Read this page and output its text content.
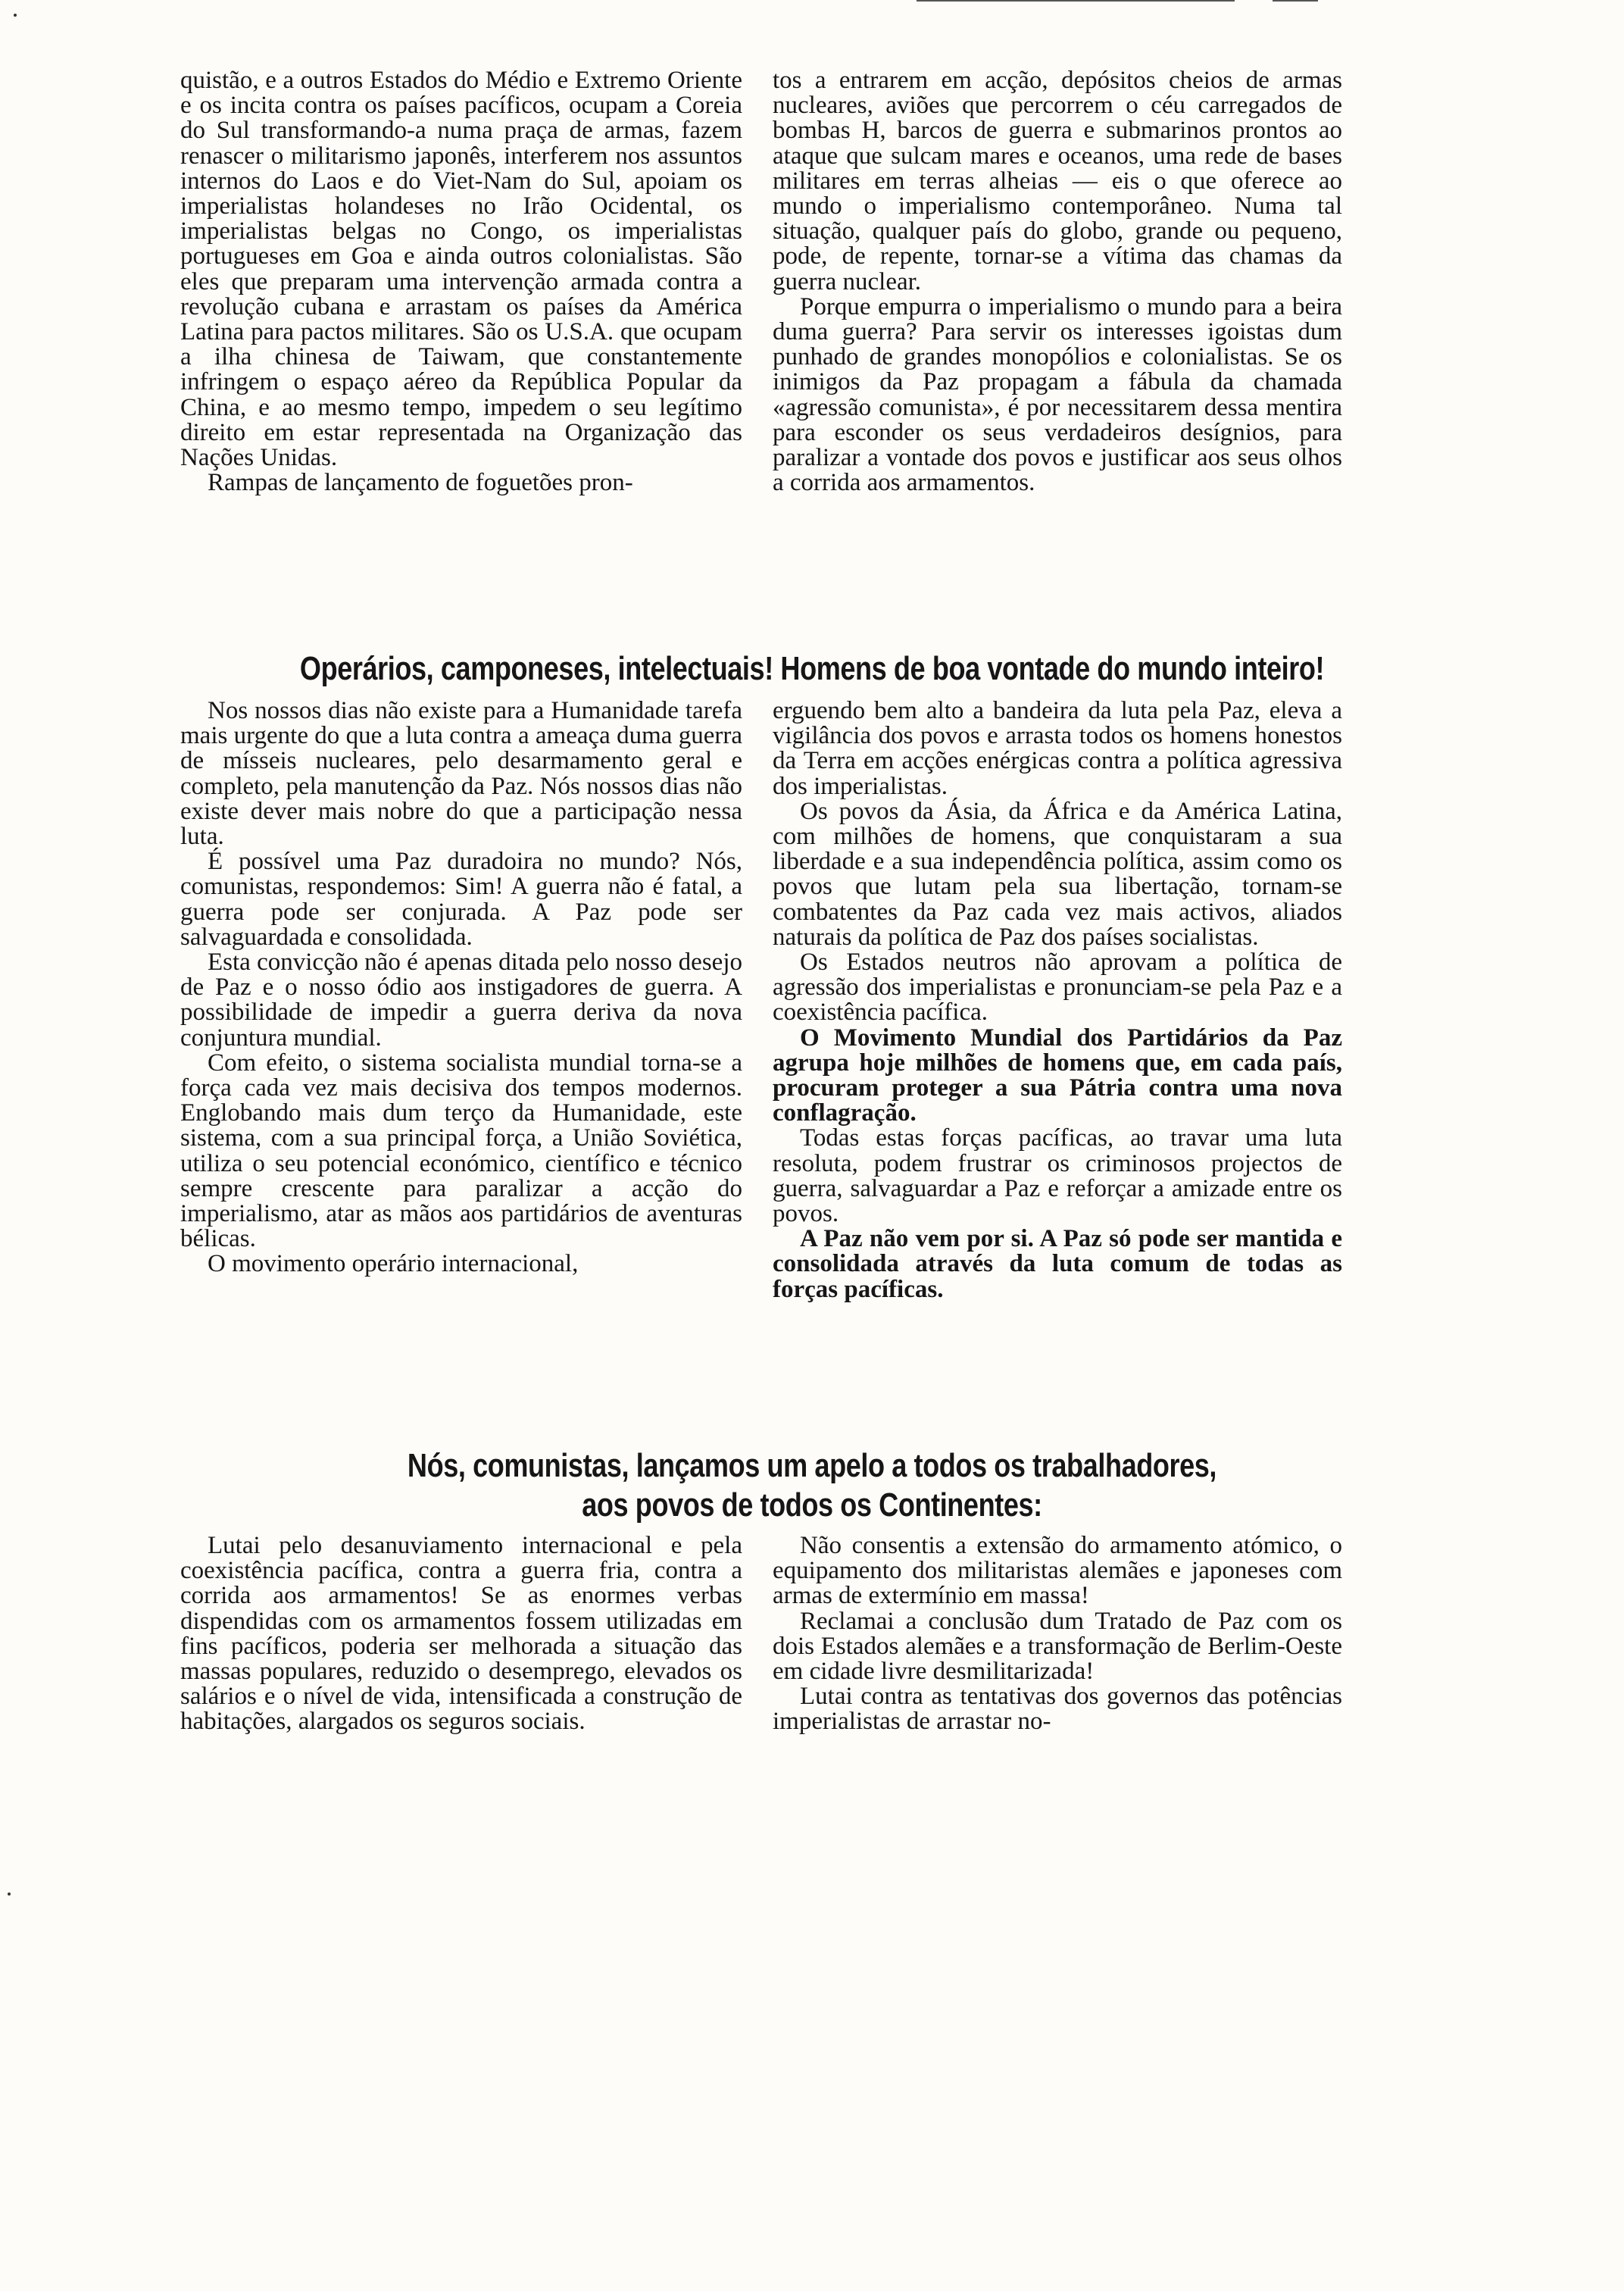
quistão, e a outros Estados do Médio e Extremo Oriente e os incita contra os países pacíficos, ocupam a Coreia do Sul transformando-a numa praça de armas, fazem renascer o militarismo japonês, interferem nos assuntos internos do Laos e do Viet-Nam do Sul, apoiam os imperialistas holandeses no Irão Ocidental, os imperialistas belgas no Congo, os imperialistas portugueses em Goa e ainda outros colonialistas. São eles que preparam uma intervenção armada contra a revolução cubana e arrastam os países da América Latina para pactos militares. São os U.S.A. que ocupam a ilha chinesa de Taiwam, que constantemente infringem o espaço aéreo da República Popular da China, e ao mesmo tempo, impedem o seu legítimo direito em estar representada na Organização das Nações Unidas.

Rampas de lançamento de foguetões pron-

tos a entrarem em acção, depósitos cheios de armas nucleares, aviões que percorrem o céu carregados de bombas H, barcos de guerra e submarinos prontos ao ataque que sulcam mares e oceanos, uma rede de bases militares em terras alheias — eis o que oferece ao mundo o imperialismo contemporâneo. Numa tal situação, qualquer país do globo, grande ou pequeno, pode, de repente, tornar-se a vítima das chamas da guerra nuclear.

Porque empurra o imperialismo o mundo para a beira duma guerra? Para servir os interesses igoistas dum punhado de grandes monopólios e colonialistas. Se os inimigos da Paz propagam a fábula da chamada «agressão comunista», é por necessitarem dessa mentira para esconder os seus verdadeiros desígnios, para paralizar a vontade dos povos e justificar aos seus olhos a corrida aos armamentos.

Operários, camponeses, intelectuais! Homens de boa vontade do mundo inteiro!

Nos nossos dias não existe para a Humanidade tarefa mais urgente do que a luta contra a ameaça duma guerra de mísseis nucleares, pelo desarmamento geral e completo, pela manutenção da Paz. Nós nossos dias não existe dever mais nobre do que a participação nessa luta.

É possível uma Paz duradoira no mundo? Nós, comunistas, respondemos: Sim! A guerra não é fatal, a guerra pode ser conjurada. A Paz pode ser salvaguardada e consolidada.

Esta convicção não é apenas ditada pelo nosso desejo de Paz e o nosso ódio aos instigadores de guerra. A possibilidade de impedir a guerra deriva da nova conjuntura mundial.

Com efeito, o sistema socialista mundial torna-se a força cada vez mais decisiva dos tempos modernos. Englobando mais dum terço da Humanidade, este sistema, com a sua principal força, a União Soviética, utiliza o seu potencial económico, científico e técnico sempre crescente para paralizar a acção do imperialismo, atar as mãos aos partidários de aventuras bélicas.

O movimento operário internacional,

erguendo bem alto a bandeira da luta pela Paz, eleva a vigilância dos povos e arrasta todos os homens honestos da Terra em acções enérgicas contra a política agressiva dos imperialistas.

Os povos da Ásia, da África e da América Latina, com milhões de homens, que conquistaram a sua liberdade e a sua independência política, assim como os povos que lutam pela sua libertação, tornam-se combatentes da Paz cada vez mais activos, aliados naturais da política de Paz dos países socialistas.

Os Estados neutros não aprovam a política de agressão dos imperialistas e pronunciam-se pela Paz e a coexistência pacífica.

O Movimento Mundial dos Partidários da Paz agrupa hoje milhões de homens que, em cada país, procuram proteger a sua Pátria contra uma nova conflagração.

Todas estas forças pacíficas, ao travar uma luta resoluta, podem frustrar os criminosos projectos de guerra, salvaguardar a Paz e reforçar a amizade entre os povos.

A Paz não vem por si. A Paz só pode ser mantida e consolidada através da luta comum de todas as forças pacíficas.

Nós, comunistas, lançamos um apelo a todos os trabalhadores,
aos povos de todos os Continentes:

Lutai pelo desanuviamento internacional e pela coexistência pacífica, contra a guerra fria, contra a corrida aos armamentos! Se as enormes verbas dispendidas com os armamentos fossem utilizadas em fins pacíficos, poderia ser melhorada a situação das massas populares, reduzido o desemprego, elevados os salários e o nível de vida, intensificada a construção de habitações, alargados os seguros sociais.

Não consentis a extensão do armamento atómico, o equipamento dos militaristas alemães e japoneses com armas de extermínio em massa!

Reclamai a conclusão dum Tratado de Paz com os dois Estados alemães e a transformação de Berlim-Oeste em cidade livre desmilitarizada!

Lutai contra as tentativas dos governos das potências imperialistas de arrastar no-
